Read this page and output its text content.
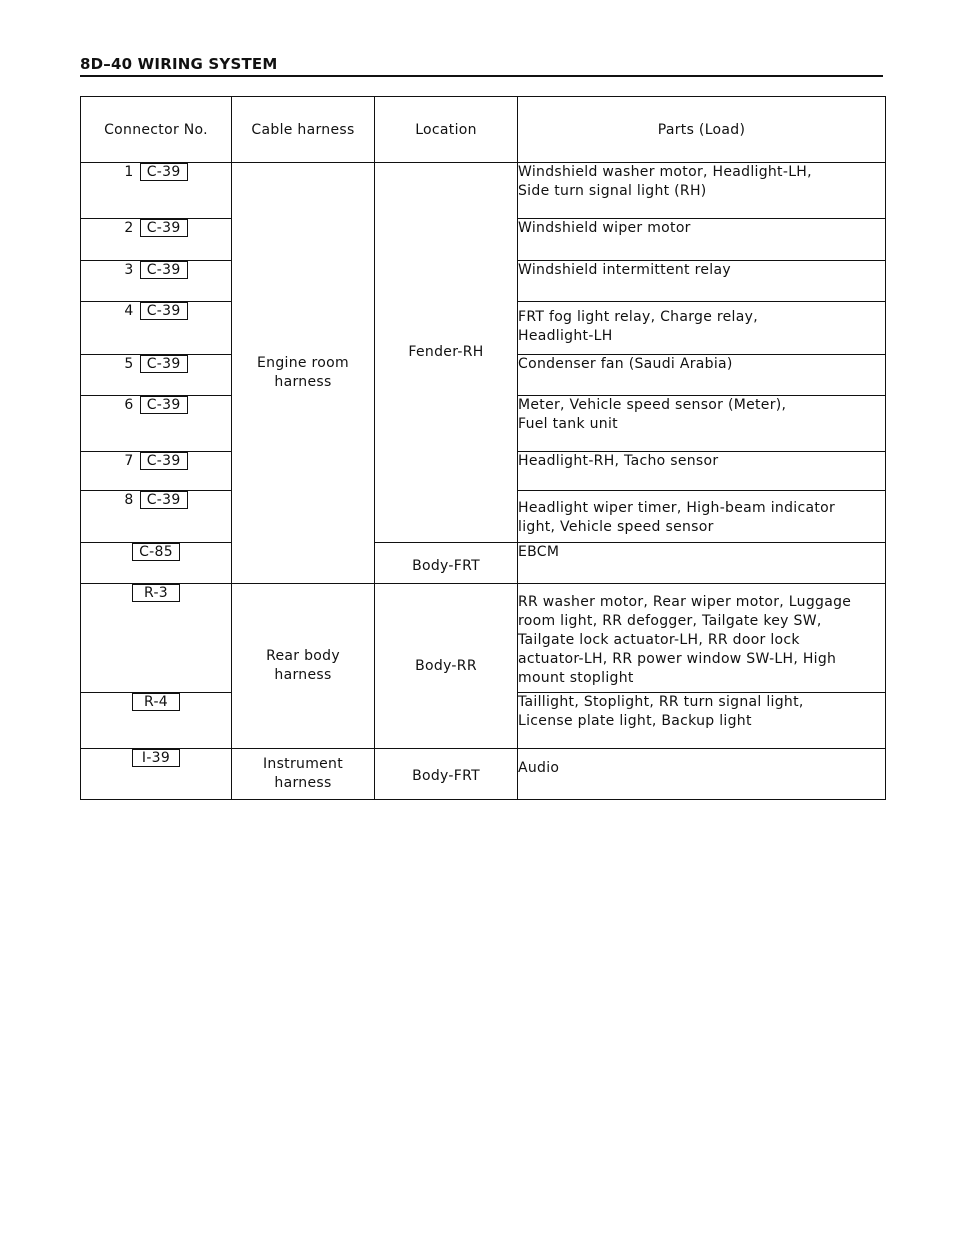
8D–40 WIRING SYSTEM
Connector No.	Cable harness	Location	Parts (Load)
1 C-39	Engine room
harness	Fender-RH	Windshield washer motor, Headlight-LH,
Side turn signal light (RH)
2 C-39			Windshield wiper motor
3 C-39			Windshield intermittent relay
4 C-39			FRT fog light relay, Charge relay,
Headlight-LH
5 C-39			Condenser fan (Saudi Arabia)
6 C-39			Meter, Vehicle speed sensor (Meter),
Fuel tank unit
7 C-39			Headlight-RH, Tacho sensor
8 C-39			Headlight wiper timer, High-beam indicator
light, Vehicle speed sensor
C-85		Body-FRT	EBCM
R-3	Rear body
harness	Body-RR	RR washer motor, Rear wiper motor, Luggage
room light, RR defogger, Tailgate key SW,
Tailgate lock actuator-LH, RR door lock
actuator-LH, RR power window SW-LH, High
mount stoplight
R-4			Taillight, Stoplight, RR turn signal light,
License plate light, Backup light
I-39	Instrument
harness	Body-FRT	Audio
